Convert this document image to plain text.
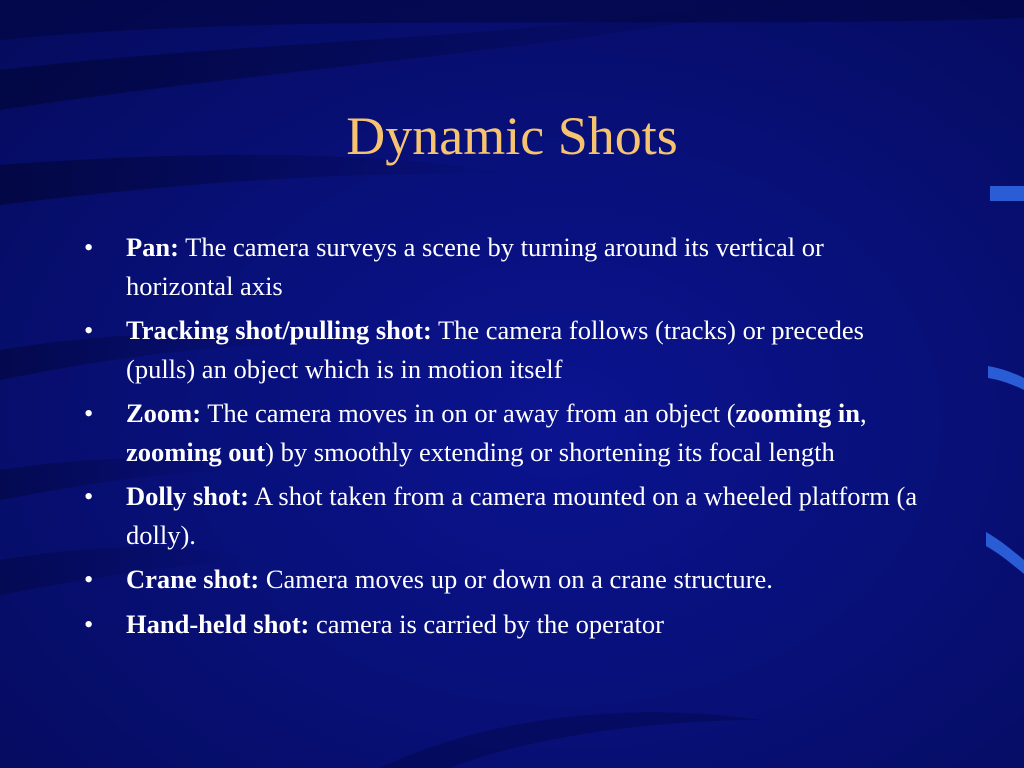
Dynamic Shots
• Pan: The camera surveys a scene by turning around its vertical or horizontal axis
• Tracking shot/pulling shot: The camera follows (tracks) or precedes (pulls) an object which is in motion itself
• Zoom: The camera moves in on or away from an object (zooming in, zooming out) by smoothly extending or shortening its focal length
• Dolly shot: A shot taken from a camera mounted on a wheeled platform (a dolly).
• Crane shot: Camera moves up or down on a crane structure.
• Hand-held shot: camera is carried by the operator
